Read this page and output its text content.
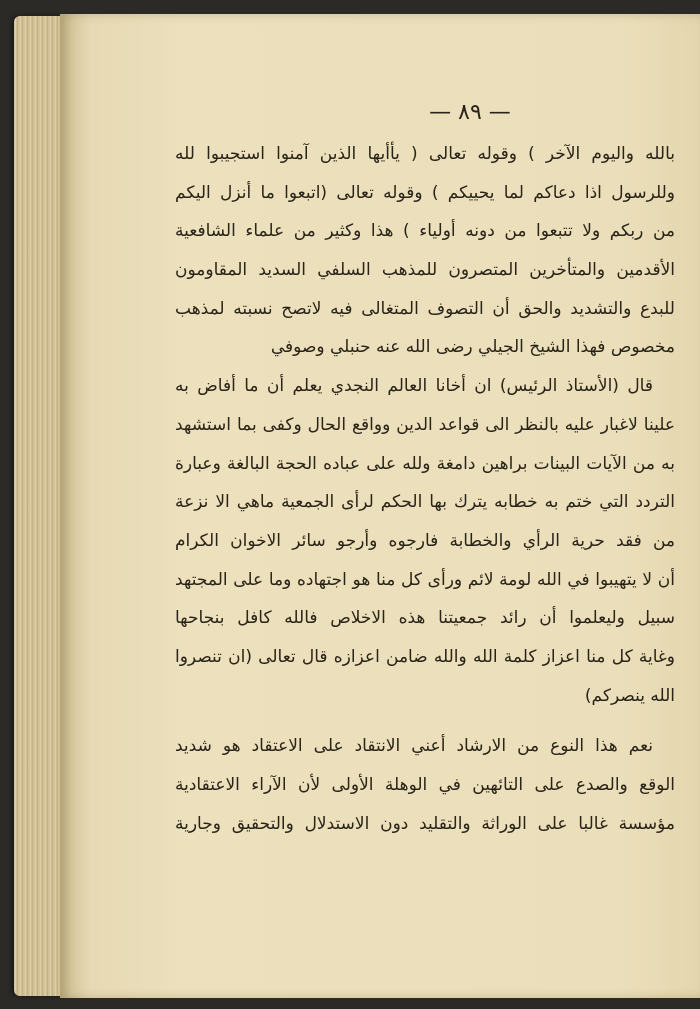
— ٨٩ —
بالله واليوم الآخر ) وقوله تعالى ( يأأيها الذين آمنوا استجيبوا لله
وللرسول اذا دعاكم لما يحييكم ) وقوله تعالى (اتبعوا ما أنزل اليكم
من ربكم ولا تتبعوا من دونه أولياء ) هذا وكثير من علماء الشافعية
الأقدمين والمتأخرين المتصرون للمذهب السلفي السديد المقاومون
للبدع والتشديد والحق أن التصوف المتغالى فيه لاتصح نسبته لمذهب
مخصوص فهذا الشيخ الجيلي رضى الله عنه حنبلي وصوفي
قال (الأستاذ الرئيس) ان أخانا العالم النجدي يعلم أن ما أفاض به
علينا لاغبار عليه بالنظر الى قواعد الدين وواقع الحال وكفى بما استشهد
به من الآيات البينات براهين دامغة ولله على عباده الحجة البالغة وعبارة
التردد التي ختم به خطابه يترك بها الحكم لرأى الجمعية ماهي الا نزعة
من فقد حرية الرأي والخطابة فارجوه وأرجو سائر الاخوان الكرام
أن لا يتهيبوا في الله لومة لائم ورأى كل منا هو اجتهاده وما على المجتهد
سبيل وليعلموا أن رائد جمعيتنا هذه الاخلاص فالله كافل بنجاحها
وغاية كل منا اعزاز كلمة الله والله ضامن اعزازه قال تعالى (ان تنصروا
الله ينصركم)
نعم هذا النوع من الارشاد أعني الانتقاد على الاعتقاد هو شديد
الوقع والصدع على التائهين في الوهلة الأولى لأن الآراء الاعتقادية
مؤسسة غالبا على الوراثة والتقليد دون الاستدلال والتحقيق وجارية
